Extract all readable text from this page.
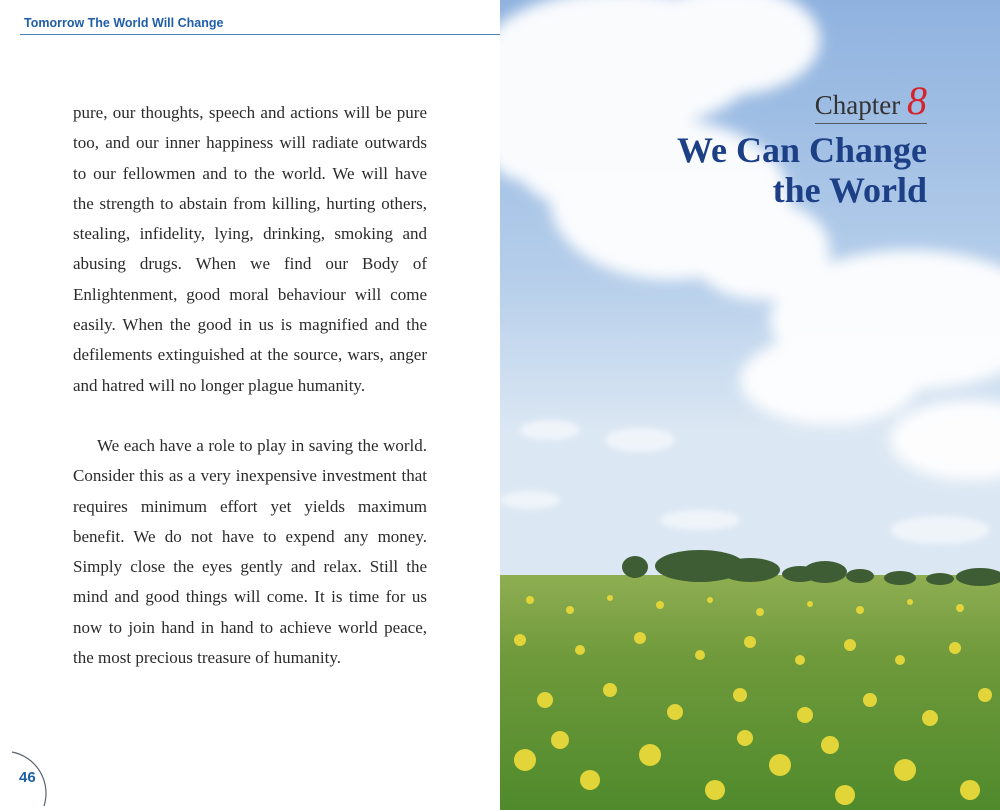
Tomorrow The World Will Change

pure, our thoughts, speech and actions will be pure too, and our inner happiness will radiate outwards to our fellowmen and to the world. We will have the strength to abstain from killing, hurting others, stealing, infidelity, lying, drinking, smoking and abusing drugs. When we find our Body of Enlightenment, good moral behaviour will come easily. When the good in us is magnified and the defilements extinguished at the source, wars, anger and hatred will no longer plague humanity.

We each have a role to play in saving the world. Consider this as a very inexpensive investment that requires minimum effort yet yields maximum benefit. We do not have to expend any money. Simply close the eyes gently and relax. Still the mind and good things will come. It is time for us now to join hand in hand to achieve world peace, the most precious treasure of humanity.

46
Chapter 8
We Can Change
the World
